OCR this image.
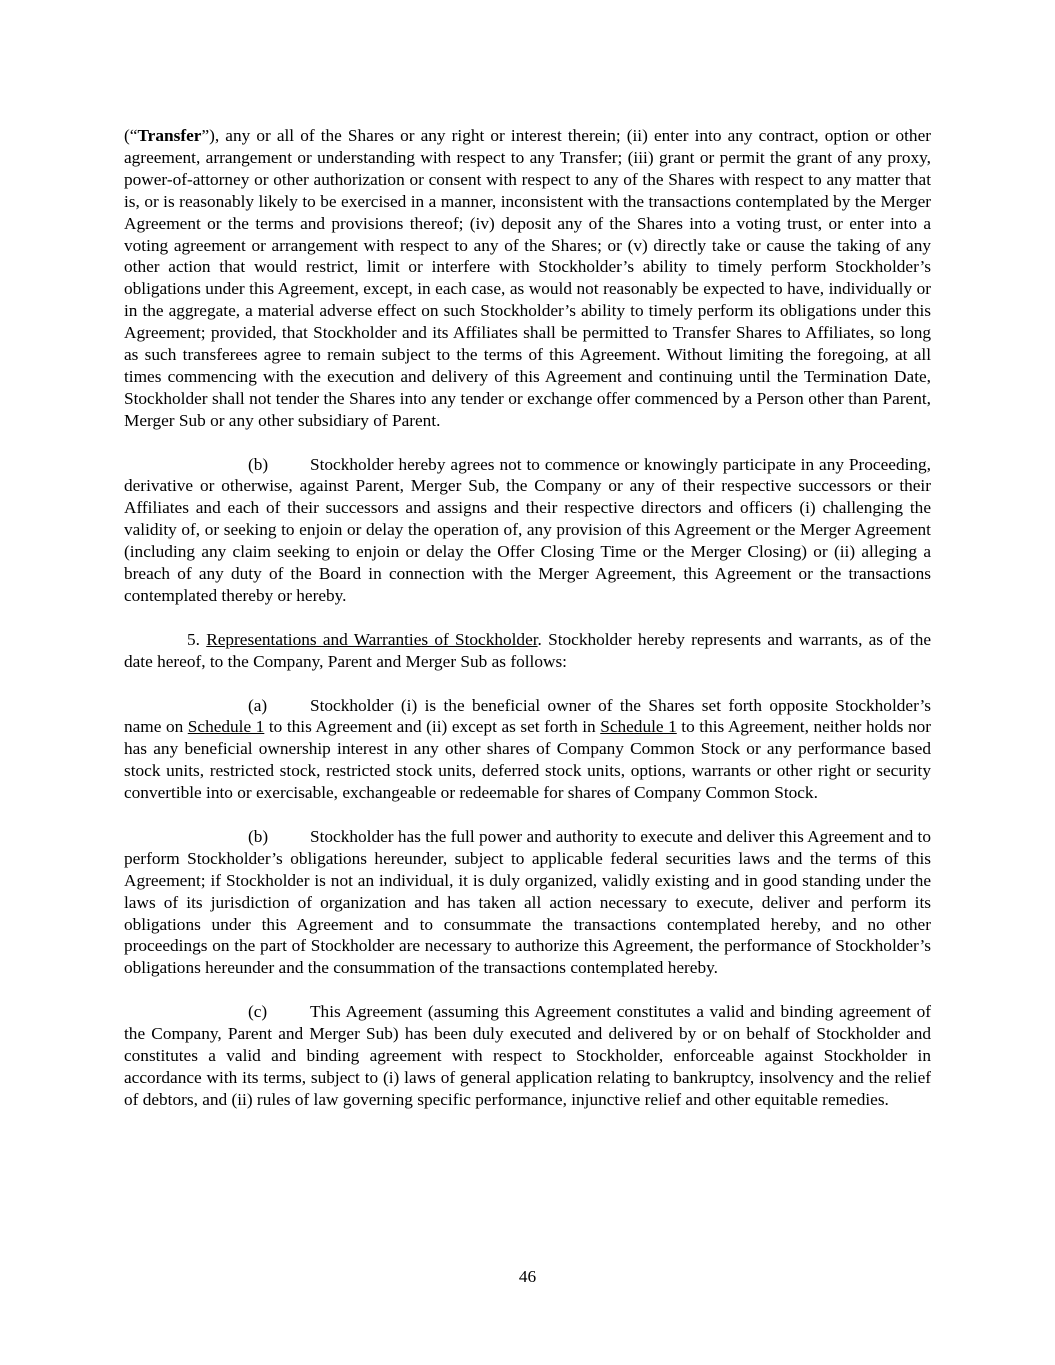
(“Transfer”), any or all of the Shares or any right or interest therein; (ii) enter into any contract, option or other agreement, arrangement or understanding with respect to any Transfer; (iii) grant or permit the grant of any proxy, power-of-attorney or other authorization or consent with respect to any of the Shares with respect to any matter that is, or is reasonably likely to be exercised in a manner, inconsistent with the transactions contemplated by the Merger Agreement or the terms and provisions thereof; (iv) deposit any of the Shares into a voting trust, or enter into a voting agreement or arrangement with respect to any of the Shares; or (v) directly take or cause the taking of any other action that would restrict, limit or interfere with Stockholder’s ability to timely perform Stockholder’s obligations under this Agreement, except, in each case, as would not reasonably be expected to have, individually or in the aggregate, a material adverse effect on such Stockholder’s ability to timely perform its obligations under this Agreement; provided, that Stockholder and its Affiliates shall be permitted to Transfer Shares to Affiliates, so long as such transferees agree to remain subject to the terms of this Agreement. Without limiting the foregoing, at all times commencing with the execution and delivery of this Agreement and continuing until the Termination Date, Stockholder shall not tender the Shares into any tender or exchange offer commenced by a Person other than Parent, Merger Sub or any other subsidiary of Parent.

(b) Stockholder hereby agrees not to commence or knowingly participate in any Proceeding, derivative or otherwise, against Parent, Merger Sub, the Company or any of their respective successors or their Affiliates and each of their successors and assigns and their respective directors and officers (i) challenging the validity of, or seeking to enjoin or delay the operation of, any provision of this Agreement or the Merger Agreement (including any claim seeking to enjoin or delay the Offer Closing Time or the Merger Closing) or (ii) alleging a breach of any duty of the Board in connection with the Merger Agreement, this Agreement or the transactions contemplated thereby or hereby.

5. Representations and Warranties of Stockholder. Stockholder hereby represents and warrants, as of the date hereof, to the Company, Parent and Merger Sub as follows:

(a) Stockholder (i) is the beneficial owner of the Shares set forth opposite Stockholder’s name on Schedule 1 to this Agreement and (ii) except as set forth in Schedule 1 to this Agreement, neither holds nor has any beneficial ownership interest in any other shares of Company Common Stock or any performance based stock units, restricted stock, restricted stock units, deferred stock units, options, warrants or other right or security convertible into or exercisable, exchangeable or redeemable for shares of Company Common Stock.

(b) Stockholder has the full power and authority to execute and deliver this Agreement and to perform Stockholder’s obligations hereunder, subject to applicable federal securities laws and the terms of this Agreement; if Stockholder is not an individual, it is duly organized, validly existing and in good standing under the laws of its jurisdiction of organization and has taken all action necessary to execute, deliver and perform its obligations under this Agreement and to consummate the transactions contemplated hereby, and no other proceedings on the part of Stockholder are necessary to authorize this Agreement, the performance of Stockholder’s obligations hereunder and the consummation of the transactions contemplated hereby.

(c) This Agreement (assuming this Agreement constitutes a valid and binding agreement of the Company, Parent and Merger Sub) has been duly executed and delivered by or on behalf of Stockholder and constitutes a valid and binding agreement with respect to Stockholder, enforceable against Stockholder in accordance with its terms, subject to (i) laws of general application relating to bankruptcy, insolvency and the relief of debtors, and (ii) rules of law governing specific performance, injunctive relief and other equitable remedies.

46
